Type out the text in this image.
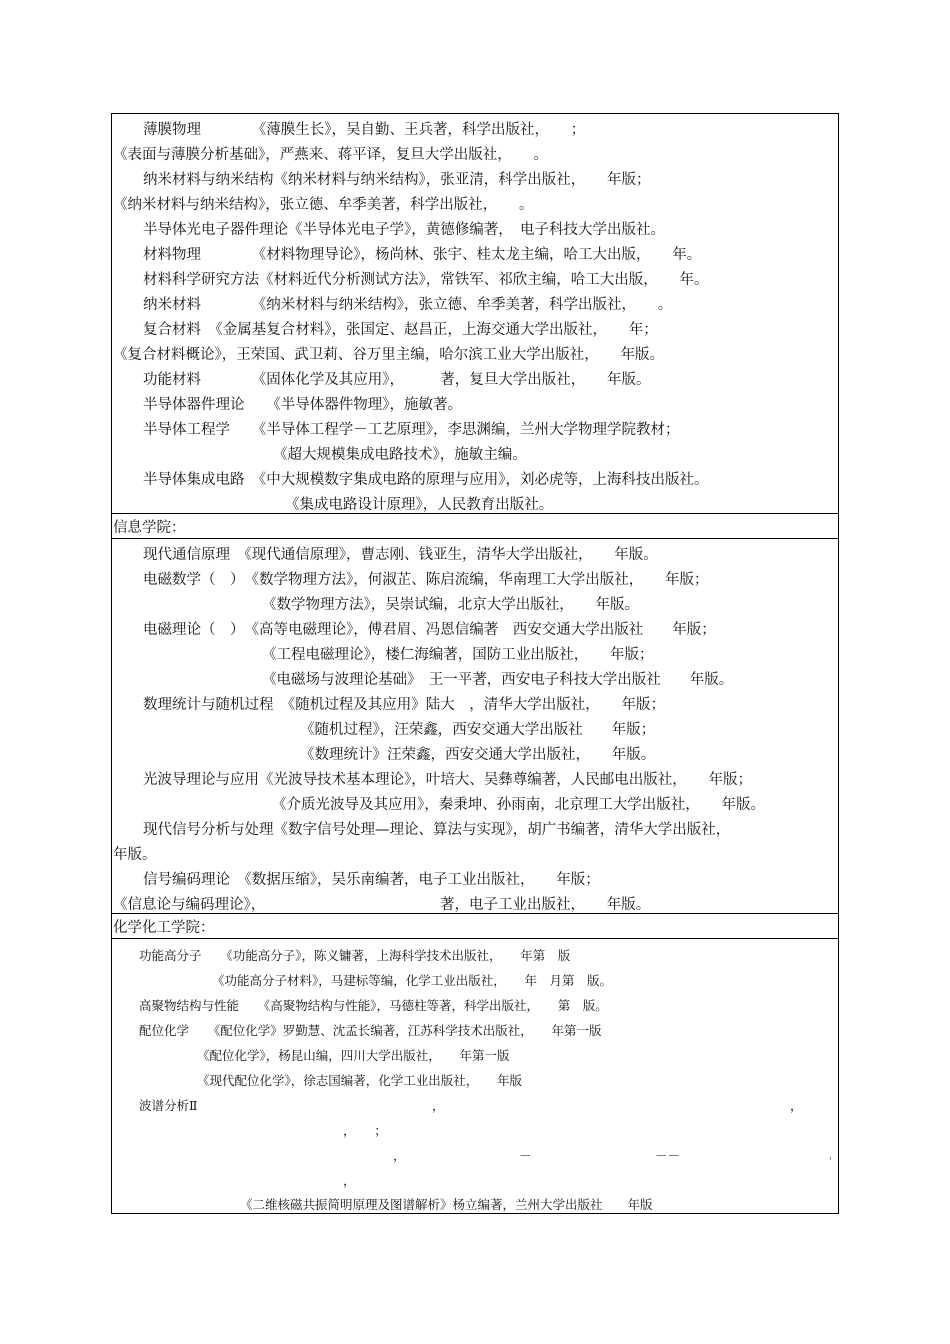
薄膜物理　　　　《薄膜生长》，吴自勤、王兵著，科学出版社，　　；
《表面与薄膜分析基础》，严燕来、蒋平译，复旦大学出版社，　　。
纳米材料与纳米结构《纳米材料与纳米结构》，张亚清，科学出版社，　　年版；
《纳米材料与纳米结构》，张立德、牟季美著，科学出版社，　　。
半导体光电子器件理论《半导体光电子学》，黄德修编著，　电子科技大学出版社。
材料物理　　　　《材料物理导论》，杨尚林、张宇、桂太龙主编，哈工大出版，　　年。
材料科学研究方法《材料近代分析测试方法》，常铁军、祁欣主编，哈工大出版，　　年。
纳米材料　　　　《纳米材料与纳米结构》，张立德、牟季美著，科学出版社，　　。
复合材料　《金属基复合材料》，张国定、赵昌正，上海交通大学出版社，　　年；
《复合材料概论》，王荣国、武卫莉、谷万里主编，哈尔滨工业大学出版社，　　年版。
功能材料　　　　《固体化学及其应用》，　　　著，复旦大学出版社，　　年版。
半导体器件理论　　《半导体器件物理》，施敏著。
半导体工程学　　《半导体工程学－工艺原理》，李思渊编，兰州大学物理学院教材；
《超大规模集成电路技术》，施敏主编。
半导体集成电路　《中大规模数字集成电路的原理与应用》，刘必虎等，上海科技出版社。
《集成电路设计原理》，人民教育出版社。
信息学院：
现代通信原理　《现代通信原理》，曹志刚、钱亚生，清华大学出版社，　　年版。
电磁数学（　）　《数学物理方法》，何淑芷、陈启流编，华南理工大学出版社，　　年版；
《数学物理方法》，吴崇试编，北京大学出版社，　　年版。
电磁理论（　）　《高等电磁理论》，傅君眉、冯恩信编著　西安交通大学出版社　　年版；
《工程电磁理论》，楼仁海编著，国防工业出版社，　　年版；
《电磁场与波理论基础》　王一平著，西安电子科技大学出版社　　年版。
数理统计与随机过程　《随机过程及其应用》陆大　，清华大学出版社，　　年版；
《随机过程》，汪荣鑫，西安交通大学出版社　　年版；
《数理统计》汪荣鑫，西安交通大学出版社，　　年版。
光波导理论与应用《光波导技术基本理论》，叶培大、吴彝尊编著，人民邮电出版社，　　年版；
《介质光波导及其应用》，秦秉坤、孙雨南，北京理工大学出版社，　　年版。
现代信号分析与处理《数字信号处理—理论、算法与实现》，胡广书编著，清华大学出版社，
年版。
信号编码理论　《数据压缩》，吴乐南编著，电子工业出版社，　　年版；
《信息论与编码理论》，	著，电子工业出版社，　　年版。
化学化工学院：
功能高分子　　《功能高分子》，陈义镛著，上海科学技术出版社，　　年第　版
《功能高分子材料》，马建标等编，化学工业出版社，　　年　月第　版。
高聚物结构与性能　　《高聚物结构与性能》，马德柱等著，科学出版社，　　第　版。
配位化学　　《配位化学》罗勤慧、沈孟长编著，江苏科学技术出版社，　　年第一版
《配位化学》，杨昆山编，四川大学出版社，　　年第一版
《现代配位化学》，徐志国编著，化学工业出版社，　　年版
波谱分析Ⅱ	，	，
，　　；
，	－	－－	，
，
《二维核磁共振简明原理及图谱解析》杨立编著，兰州大学出版社　　年版
